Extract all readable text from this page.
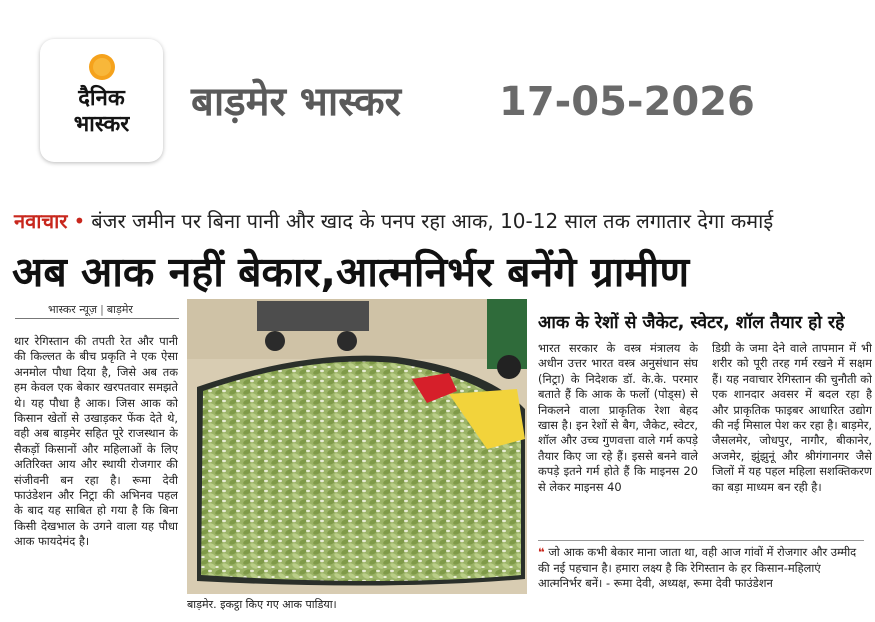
दैनिक
भास्कर	बाड़मेर भास्कर 17-05-2026
नवाचार • बंजर जमीन पर बिना पानी और खाद के पनप रहा आक, 10-12 साल तक लगातार देगा कमाई
अब आक नहीं बेकार,आत्मनिर्भर बनेंगे ग्रामीण
भास्कर न्यूज़ | बाड़मेर
थार रेगिस्तान की तपती रेत और पानी की किल्लत के बीच प्रकृति ने एक ऐसा अनमोल पौधा दिया है, जिसे अब तक हम केवल एक बेकार खरपतवार समझते थे। यह पौधा है आक। जिस आक को किसान खेतों से उखाड़कर फेंक देते थे, वही अब बाड़मेर सहित पूरे राजस्थान के सैकड़ों किसानों और महिलाओं के लिए अतिरिक्त आय और स्थायी रोजगार की संजीवनी बन रहा है। रूमा देवी फाउंडेशन और निट्रा की अभिनव पहल के बाद यह साबित हो गया है कि बिना किसी देखभाल के उगने वाला यह पौधा आक फायदेमंद है।
बाड़मेर. इकट्ठा किए गए आक पाडिया।
आक के रेशों से जैकेट, स्वेटर, शॉल तैयार हो रहे
भारत सरकार के वस्त्र मंत्रालय के अधीन उत्तर भारत वस्त्र अनुसंधान संघ (निट्रा) के निदेशक डॉ. के.के. परमार बताते हैं कि आक के फलों (पोड्स) से निकलने वाला प्राकृतिक रेशा बेहद खास है। इन रेशों से बैग, जैकेट, स्वेटर, शॉल और उच्च गुणवत्ता वाले गर्म कपड़े तैयार किए जा रहे हैं। इससे बनने वाले कपड़े इतने गर्म होते हैं कि माइनस 20 से लेकर माइनस 40
डिग्री के जमा देने वाले तापमान में भी शरीर को पूरी तरह गर्म रखने में सक्षम हैं। यह नवाचार रेगिस्तान की चुनौती को एक शानदार अवसर में बदल रहा है और प्राकृतिक फाइबर आधारित उद्योग की नई मिसाल पेश कर रहा है। बाड़मेर, जैसलमेर, जोधपुर, नागौर, बीकानेर, अजमेर, झुंझुनूं और श्रीगंगानगर जैसे जिलों में यह पहल महिला सशक्तिकरण का बड़ा माध्यम बन रही है।
❝ जो आक कभी बेकार माना जाता था, वही आज गांवों में रोजगार और उम्मीद की नई पहचान है। हमारा लक्ष्य है कि रेगिस्तान के हर किसान-महिलाएं आत्मनिर्भर बनें। - रूमा देवी, अध्यक्ष, रूमा देवी फाउंडेशन
